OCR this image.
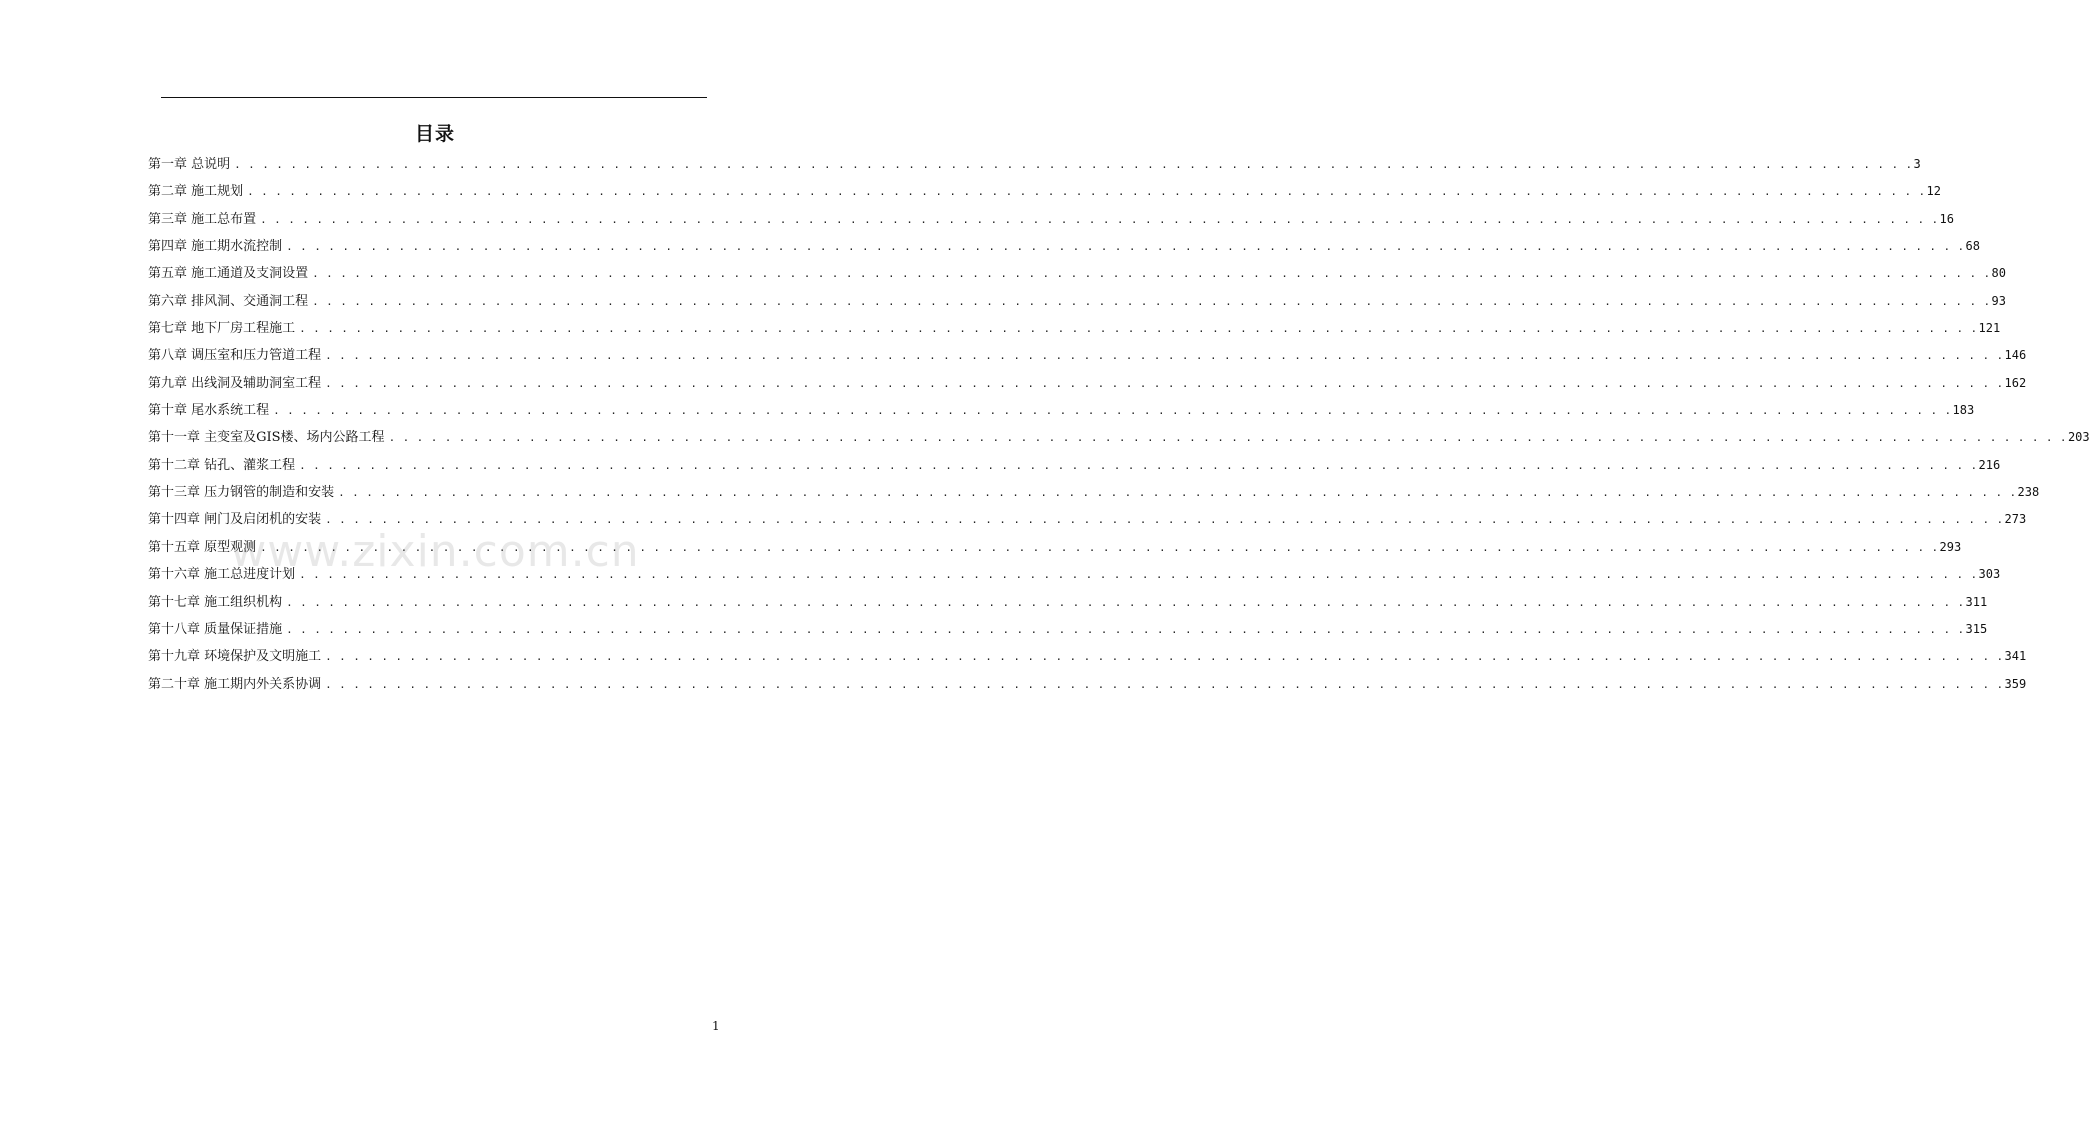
目录
第一章 总说明 . . . . . . . . . . . . . . . . . . . . . . . . . . . . . . . . . . . . . . . . . . . . . . . . . . . . . . . . . . . . . . . . . . . . . . . . . . . . . . . . . . . . . . . . . . . . . . . . . . . . . . . . . . . . . . . . . . . . . . . . 3
第二章 施工规划 . . . . . . . . . . . . . . . . . . . . . . . . . . . . . . . . . . . . . . . . . . . . . . . . . . . . . . . . . . . . . . . . . . . . . . . . . . . . . . . . . . . . . . . . . . . . . . . . . . . . . . . . . . . . . . . . . . . . . . . . 12
第三章 施工总布置 . . . . . . . . . . . . . . . . . . . . . . . . . . . . . . . . . . . . . . . . . . . . . . . . . . . . . . . . . . . . . . . . . . . . . . . . . . . . . . . . . . . . . . . . . . . . . . . . . . . . . . . . . . . . . . . . . . . . . . . . 16
第四章 施工期水流控制 . . . . . . . . . . . . . . . . . . . . . . . . . . . . . . . . . . . . . . . . . . . . . . . . . . . . . . . . . . . . . . . . . . . . . . . . . . . . . . . . . . . . . . . . . . . . . . . . . . . . . . . . . . . . . . . . . . . . . . . . 68
第五章 施工通道及支洞设置 . . . . . . . . . . . . . . . . . . . . . . . . . . . . . . . . . . . . . . . . . . . . . . . . . . . . . . . . . . . . . . . . . . . . . . . . . . . . . . . . . . . . . . . . . . . . . . . . . . . . . . . . . . . . . . . . . . . . . . . . 80
第六章 排风洞、交通洞工程 . . . . . . . . . . . . . . . . . . . . . . . . . . . . . . . . . . . . . . . . . . . . . . . . . . . . . . . . . . . . . . . . . . . . . . . . . . . . . . . . . . . . . . . . . . . . . . . . . . . . . . . . . . . . . . . . . . . . . . . . 93
第七章 地下厂房工程施工 . . . . . . . . . . . . . . . . . . . . . . . . . . . . . . . . . . . . . . . . . . . . . . . . . . . . . . . . . . . . . . . . . . . . . . . . . . . . . . . . . . . . . . . . . . . . . . . . . . . . . . . . . . . . . . . . . . . . . . . . 121
第八章 调压室和压力管道工程 . . . . . . . . . . . . . . . . . . . . . . . . . . . . . . . . . . . . . . . . . . . . . . . . . . . . . . . . . . . . . . . . . . . . . . . . . . . . . . . . . . . . . . . . . . . . . . . . . . . . . . . . . . . . . . . . . . . . . . . . 146
第九章 出线洞及辅助洞室工程 . . . . . . . . . . . . . . . . . . . . . . . . . . . . . . . . . . . . . . . . . . . . . . . . . . . . . . . . . . . . . . . . . . . . . . . . . . . . . . . . . . . . . . . . . . . . . . . . . . . . . . . . . . . . . . . . . . . . . . . . 162
第十章 尾水系统工程 . . . . . . . . . . . . . . . . . . . . . . . . . . . . . . . . . . . . . . . . . . . . . . . . . . . . . . . . . . . . . . . . . . . . . . . . . . . . . . . . . . . . . . . . . . . . . . . . . . . . . . . . . . . . . . . . . . . . . . . . 183
第十一章 主变室及GIS楼、场内公路工程 . . . . . . . . . . . . . . . . . . . . . . . . . . . . . . . . . . . . . . . . . . . . . . . . . . . . . . . . . . . . . . . . . . . . . . . . . . . . . . . . . . . . . . . . . . . . . . . . . . . . . . . . . . . . . . . . . . . . . . . . 203
第十二章 钻孔、灌浆工程 . . . . . . . . . . . . . . . . . . . . . . . . . . . . . . . . . . . . . . . . . . . . . . . . . . . . . . . . . . . . . . . . . . . . . . . . . . . . . . . . . . . . . . . . . . . . . . . . . . . . . . . . . . . . . . . . . . . . . . . . 216
第十三章 压力钢管的制造和安装 . . . . . . . . . . . . . . . . . . . . . . . . . . . . . . . . . . . . . . . . . . . . . . . . . . . . . . . . . . . . . . . . . . . . . . . . . . . . . . . . . . . . . . . . . . . . . . . . . . . . . . . . . . . . . . . . . . . . . . . . 238
第十四章 闸门及启闭机的安装 . . . . . . . . . . . . . . . . . . . . . . . . . . . . . . . . . . . . . . . . . . . . . . . . . . . . . . . . . . . . . . . . . . . . . . . . . . . . . . . . . . . . . . . . . . . . . . . . . . . . . . . . . . . . . . . . . . . . . . . . 273
第十五章 原型观测 . . . . . . . . . . . . . . . . . . . . . . . . . . . . . . . . . . . . . . . . . . . . . . . . . . . . . . . . . . . . . . . . . . . . . . . . . . . . . . . . . . . . . . . . . . . . . . . . . . . . . . . . . . . . . . . . . . . . . . . . 293
第十六章 施工总进度计划 . . . . . . . . . . . . . . . . . . . . . . . . . . . . . . . . . . . . . . . . . . . . . . . . . . . . . . . . . . . . . . . . . . . . . . . . . . . . . . . . . . . . . . . . . . . . . . . . . . . . . . . . . . . . . . . . . . . . . . . . 303
第十七章 施工组织机构 . . . . . . . . . . . . . . . . . . . . . . . . . . . . . . . . . . . . . . . . . . . . . . . . . . . . . . . . . . . . . . . . . . . . . . . . . . . . . . . . . . . . . . . . . . . . . . . . . . . . . . . . . . . . . . . . . . . . . . . . 311
第十八章 质量保证措施 . . . . . . . . . . . . . . . . . . . . . . . . . . . . . . . . . . . . . . . . . . . . . . . . . . . . . . . . . . . . . . . . . . . . . . . . . . . . . . . . . . . . . . . . . . . . . . . . . . . . . . . . . . . . . . . . . . . . . . . . 315
第十九章 环境保护及文明施工 . . . . . . . . . . . . . . . . . . . . . . . . . . . . . . . . . . . . . . . . . . . . . . . . . . . . . . . . . . . . . . . . . . . . . . . . . . . . . . . . . . . . . . . . . . . . . . . . . . . . . . . . . . . . . . . . . . . . . . . . 341
第二十章 施工期内外关系协调 . . . . . . . . . . . . . . . . . . . . . . . . . . . . . . . . . . . . . . . . . . . . . . . . . . . . . . . . . . . . . . . . . . . . . . . . . . . . . . . . . . . . . . . . . . . . . . . . . . . . . . . . . . . . . . . . . . . . . . . . 359
www.zixin.com.cn
1
